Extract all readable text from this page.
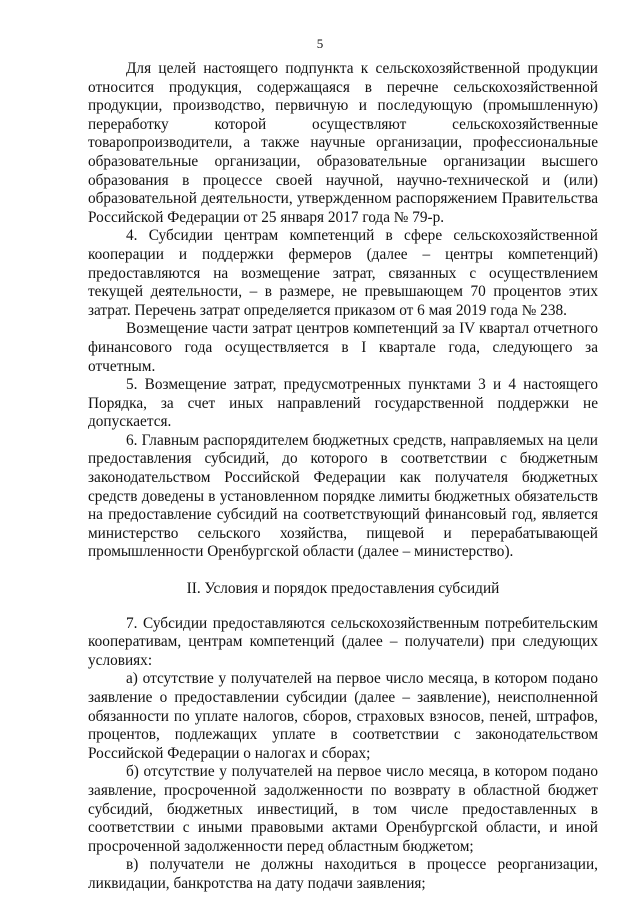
5

Для целей настоящего подпункта к сельскохозяйственной продукции относится продукция, содержащаяся в перечне сельскохозяйственной продукции, производство, первичную и последующую (промышленную) переработку которой осуществляют сельскохозяйственные товаропроизводители, а также научные организации, профессиональные образовательные организации, образовательные организации высшего образования в процессе своей научной, научно-технической и (или) образовательной деятельности, утвержденном распоряжением Правительства Российской Федерации от 25 января 2017 года № 79-р.

4. Субсидии центрам компетенций в сфере сельскохозяйственной кооперации и поддержки фермеров (далее – центры компетенций) предоставляются на возмещение затрат, связанных с осуществлением текущей деятельности, – в размере, не превышающем 70 процентов этих затрат. Перечень затрат определяется приказом от 6 мая 2019 года № 238.

Возмещение части затрат центров компетенций за IV квартал отчетного финансового года осуществляется в I квартале года, следующего за отчетным.

5. Возмещение затрат, предусмотренных пунктами 3 и 4 настоящего Порядка, за счет иных направлений государственной поддержки не допускается.

6. Главным распорядителем бюджетных средств, направляемых на цели предоставления субсидий, до которого в соответствии с бюджетным законодательством Российской Федерации как получателя бюджетных средств доведены в установленном порядке лимиты бюджетных обязательств на предоставление субсидий на соответствующий финансовый год, является министерство сельского хозяйства, пищевой и перерабатывающей промышленности Оренбургской области (далее – министерство).

II. Условия и порядок предоставления субсидий

7. Субсидии предоставляются сельскохозяйственным потребительским кооперативам, центрам компетенций (далее – получатели) при следующих условиях:

а) отсутствие у получателей на первое число месяца, в котором подано заявление о предоставлении субсидии (далее – заявление), неисполненной обязанности по уплате налогов, сборов, страховых взносов, пеней, штрафов, процентов, подлежащих уплате в соответствии с законодательством Российской Федерации о налогах и сборах;

б) отсутствие у получателей на первое число месяца, в котором подано заявление, просроченной задолженности по возврату в областной бюджет субсидий, бюджетных инвестиций, в том числе предоставленных в соответствии с иными правовыми актами Оренбургской области, и иной просроченной задолженности перед областным бюджетом;

в) получатели не должны находиться в процессе реорганизации, ликвидации, банкротства на дату подачи заявления;
